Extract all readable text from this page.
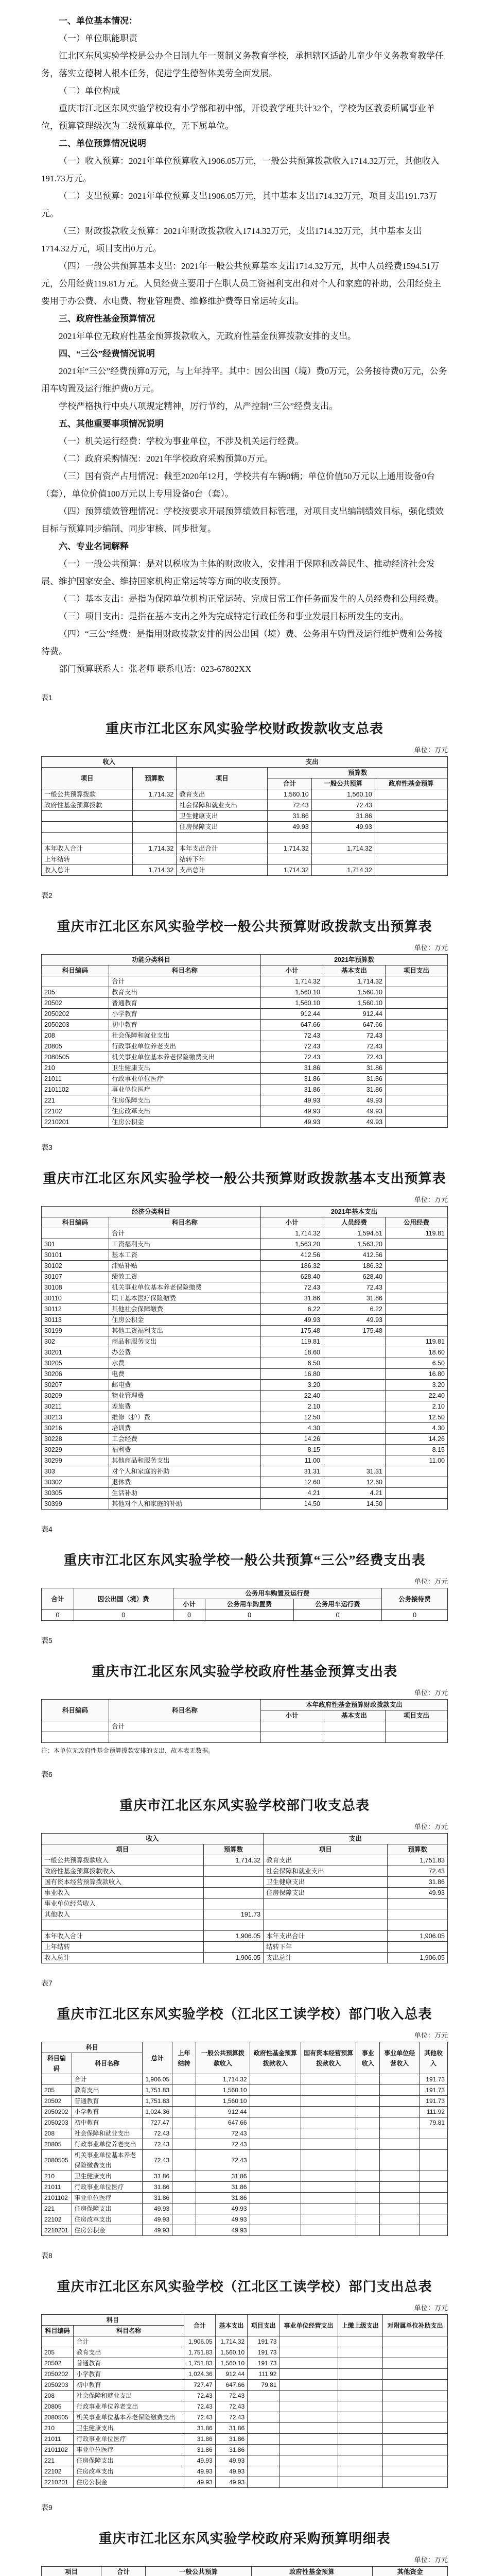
一、单位基本情况：

（一）单位职能职责

江北区东风实验学校是公办全日制九年一贯制义务教育学校，承担辖区适龄儿童少年义务教育教学任务，落实立德树人根本任务，促进学生德智体美劳全面发展。

（二）单位构成

重庆市江北区东风实验学校设有小学部和初中部，开设教学班共计32个，学校为区教委所属事业单位，预算管理级次为二级预算单位，无下属单位。

二、单位预算情况说明

（一）收入预算：2021年单位预算收入1906.05万元，一般公共预算拨款收入1714.32万元，其他收入191.73万元。

（二）支出预算：2021年单位预算支出1906.05万元，其中基本支出1714.32万元，项目支出191.73万元。

（三）财政拨款收支预算：2021年财政拨款收入1714.32万元，支出1714.32万元，其中基本支出1714.32万元，项目支出0万元。

（四）一般公共预算基本支出：2021年一般公共预算基本支出1714.32万元，其中人员经费1594.51万元，公用经费119.81万元。人员经费主要用于在职人员工资福利支出和对个人和家庭的补助，公用经费主要用于办公费、水电费、物业管理费、维修维护费等日常运转支出。

三、政府性基金预算情况

2021年单位无政府性基金预算拨款收入，无政府性基金预算拨款安排的支出。

四、“三公”经费情况说明

2021年“三公”经费预算0万元，与上年持平。其中：因公出国（境）费0万元，公务接待费0万元，公务用车购置及运行维护费0万元。

学校严格执行中央八项规定精神，厉行节约，从严控制“三公”经费支出。

五、其他重要事项情况说明

（一）机关运行经费：学校为事业单位，不涉及机关运行经费。

（二）政府采购情况：2021年学校政府采购预算0万元。

（三）国有资产占用情况：截至2020年12月，学校共有车辆0辆；单位价值50万元以上通用设备0台（套），单位价值100万元以上专用设备0台（套）。

（四）预算绩效管理情况：学校按要求开展预算绩效目标管理，对项目支出编制绩效目标，强化绩效目标与预算同步编制、同步审核、同步批复。

六、专业名词解释

（一）一般公共预算：是对以税收为主体的财政收入，安排用于保障和改善民生、推动经济社会发展、维护国家安全、维持国家机构正常运转等方面的收支预算。

（二）基本支出：是指为保障单位机构正常运转、完成日常工作任务而发生的人员经费和公用经费。

（三）项目支出：是指在基本支出之外为完成特定行政任务和事业发展目标所发生的支出。

（四）“三公”经费：是指用财政拨款安排的因公出国（境）费、公务用车购置及运行维护费和公务接待费。

部门预算联系人：张老师 联系电话：023-67802XX

表1
重庆市江北区东风实验学校财政拨款收支总表
单位：万元
收入		支出			
项目	预算数	项目	预算数		
			合计	一般公共预算	政府性基金预算
一般公共预算拨款	1,714.32	教育支出	1,560.10	1,560.10	
政府性基金预算拨款		社会保障和就业支出	72.43	72.43	
		卫生健康支出	31.86	31.86	
		住房保障支出	49.93	49.93	

本年收入合计	1,714.32	本年支出合计	1,714.32	1,714.32	
上年结转		结转下年			
收入总计	1,714.32	支出总计	1,714.32	1,714.32	
表2
重庆市江北区东风实验学校一般公共预算财政拨款支出预算表
单位：万元
功能分类科目		2021年预算数		
科目编码	科目名称	小计	基本支出	项目支出
	合计	1,714.32	1,714.32	
205	教育支出	1,560.10	1,560.10	
20502	普通教育	1,560.10	1,560.10	
2050202	小学教育	912.44	912.44	
2050203	初中教育	647.66	647.66	
208	社会保障和就业支出	72.43	72.43	
20805	行政事业单位养老支出	72.43	72.43	
2080505	机关事业单位基本养老保险缴费支出	72.43	72.43	
210	卫生健康支出	31.86	31.86	
21011	行政事业单位医疗	31.86	31.86	
2101102	事业单位医疗	31.86	31.86	
221	住房保障支出	49.93	49.93	
22102	住房改革支出	49.93	49.93	
2210201	住房公积金	49.93	49.93	
表3
重庆市江北区东风实验学校一般公共预算财政拨款基本支出预算表
单位：万元
经济分类科目		2021年基本支出		
科目编码	科目名称	小计	人员经费	公用经费
	合计	1,714.32	1,594.51	119.81
301	工资福利支出	1,563.20	1,563.20	
30101	基本工资	412.56	412.56	
30102	津贴补贴	186.32	186.32	
30107	绩效工资	628.40	628.40	
30108	机关事业单位基本养老保险缴费	72.43	72.43	
30110	职工基本医疗保险缴费	31.86	31.86	
30112	其他社会保障缴费	6.22	6.22	
30113	住房公积金	49.93	49.93	
30199	其他工资福利支出	175.48	175.48	
302	商品和服务支出	119.81		119.81
30201	办公费	18.60		18.60
30205	水费	6.50		6.50
30206	电费	16.80		16.80
30207	邮电费	3.20		3.20
30209	物业管理费	22.40		22.40
30211	差旅费	2.10		2.10
30213	维修（护）费	12.50		12.50
30216	培训费	4.30		4.30
30228	工会经费	14.26		14.26
30229	福利费	8.15		8.15
30299	其他商品和服务支出	11.00		11.00
303	对个人和家庭的补助	31.31	31.31	
30302	退休费	12.60	12.60	
30305	生活补助	4.21	4.21	
30399	其他对个人和家庭的补助	14.50	14.50	
表4
重庆市江北区东风实验学校一般公共预算“三公”经费支出表
单位：万元
合计	因公出国（境）费	公务用车购置及运行费			公务接待费
		小计	公务用车购置费	公务用车运行费	
0	0	0	0	0	0
表5
重庆市江北区东风实验学校政府性基金预算支出表
单位：万元
科目编码	科目名称	本年政府性基金预算财政拨款支出		
		小计	基本支出	项目支出
	合计			

注：本单位无政府性基金预算拨款安排的支出，故本表无数据。
表6
重庆市江北区东风实验学校部门收支总表
单位：万元
收入		支出	
项目	预算数	项目	预算数
一般公共预算拨款收入	1,714.32	教育支出	1,751.83
政府性基金预算拨款收入		社会保障和就业支出	72.43
国有资本经营预算拨款收入		卫生健康支出	31.86
事业收入		住房保障支出	49.93
事业单位经营收入			
其他收入	191.73		

本年收入合计	1,906.05	本年支出合计	1,906.05
上年结转		结转下年	
收入总计	1,906.05	支出总计	1,906.05
表7
重庆市江北区东风实验学校（江北区工读学校）部门收入总表
单位：万元
科目		总计	上年结转	一般公共预算拨款收入	政府性基金预算拨款收入	国有资本经营预算拨款收入	事业收入	事业单位经营收入	其他收入
科目编码	科目名称								
	合计	1,906.05		1,714.32					191.73
205	教育支出	1,751.83		1,560.10					191.73
20502	普通教育	1,751.83		1,560.10					191.73
2050202	小学教育	1,024.36		912.44					111.92
2050203	初中教育	727.47		647.66					79.81
208	社会保障和就业支出	72.43		72.43					
20805	行政事业单位养老支出	72.43		72.43					
2080505	机关事业单位基本养老保险缴费支出	72.43		72.43					
210	卫生健康支出	31.86		31.86					
21011	行政事业单位医疗	31.86		31.86					
2101102	事业单位医疗	31.86		31.86					
221	住房保障支出	49.93		49.93					
22102	住房改革支出	49.93		49.93					
2210201	住房公积金	49.93		49.93					
表8
重庆市江北区东风实验学校（江北区工读学校）部门支出总表
单位：万元
科目		合计	基本支出	项目支出	事业单位经营支出	上缴上级支出	对附属单位补助支出
科目编码	科目名称						
	合计	1,906.05	1,714.32	191.73			
205	教育支出	1,751.83	1,560.10	191.73			
20502	普通教育	1,751.83	1,560.10	191.73			
2050202	小学教育	1,024.36	912.44	111.92			
2050203	初中教育	727.47	647.66	79.81			
208	社会保障和就业支出	72.43	72.43				
20805	行政事业单位养老支出	72.43	72.43				
2080505	机关事业单位基本养老保险缴费支出	72.43	72.43				
210	卫生健康支出	31.86	31.86				
21011	行政事业单位医疗	31.86	31.86				
2101102	事业单位医疗	31.86	31.86				
221	住房保障支出	49.93	49.93				
22102	住房改革支出	49.93	49.93				
2210201	住房公积金	49.93	49.93				
表9
重庆市江北区东风实验学校政府采购预算明细表
单位：万元
项目	合计	一般公共预算	政府性基金预算	其他资金
